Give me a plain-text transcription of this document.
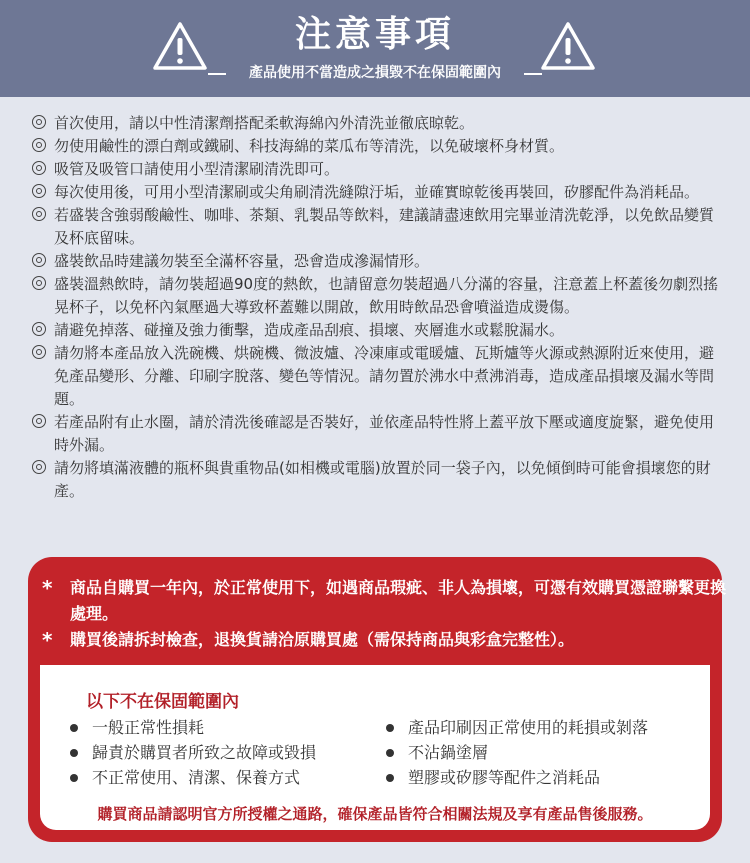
注意事項
產品使用不當造成之損毀不在保固範圍內
首次使用，請以中性清潔劑搭配柔軟海綿內外清洗並徹底晾乾。
勿使用鹼性的漂白劑或鐵刷、科技海綿的菜瓜布等清洗，以免破壞杯身材質。
吸管及吸管口請使用小型清潔刷清洗即可。
每次使用後，可用小型清潔刷或尖角刷清洗縫隙汙垢，並確實晾乾後再裝回，矽膠配件為消耗品。
若盛裝含強弱酸鹼性、咖啡、茶類、乳製品等飲料，建議請盡速飲用完畢並清洗乾淨，以免飲品變質及杯底留味。
盛裝飲品時建議勿裝至全滿杯容量，恐會造成滲漏情形。
盛裝溫熱飲時，請勿裝超過90度的熱飲，也請留意勿裝超過八分滿的容量，注意蓋上杯蓋後勿劇烈搖晃杯子，以免杯內氣壓過大導致杯蓋難以開啟，飲用時飲品恐會噴溢造成燙傷。
請避免掉落、碰撞及強力衝擊，造成產品刮痕、損壞、夾層進水或鬆脫漏水。
請勿將本產品放入洗碗機、烘碗機、微波爐、冷凍庫或電暖爐、瓦斯爐等火源或熱源附近來使用，避免產品變形、分離、印刷字脫落、變色等情況。請勿置於沸水中煮沸消毒，造成產品損壞及漏水等問題。
若產品附有止水圈，請於清洗後確認是否裝好，並依產品特性將上蓋平放下壓或適度旋緊，避免使用時外漏。
請勿將填滿液體的瓶杯與貴重物品(如相機或電腦)放置於同一袋子內，以免傾倒時可能會損壞您的財產。
* 商品自購買一年內，於正常使用下，如遇商品瑕疵、非人為損壞，可憑有效購買憑證聯繫更換處理。
* 購買後請拆封檢查，退換貨請洽原購買處（需保持商品與彩盒完整性）。
以下不在保固範圍內
一般正常性損耗
歸責於購買者所致之故障或毀損
不正常使用、清潔、保養方式
產品印刷因正常使用的耗損或剝落
不沾鍋塗層
塑膠或矽膠等配件之消耗品
購買商品請認明官方所授權之通路，確保產品皆符合相關法規及享有產品售後服務。
